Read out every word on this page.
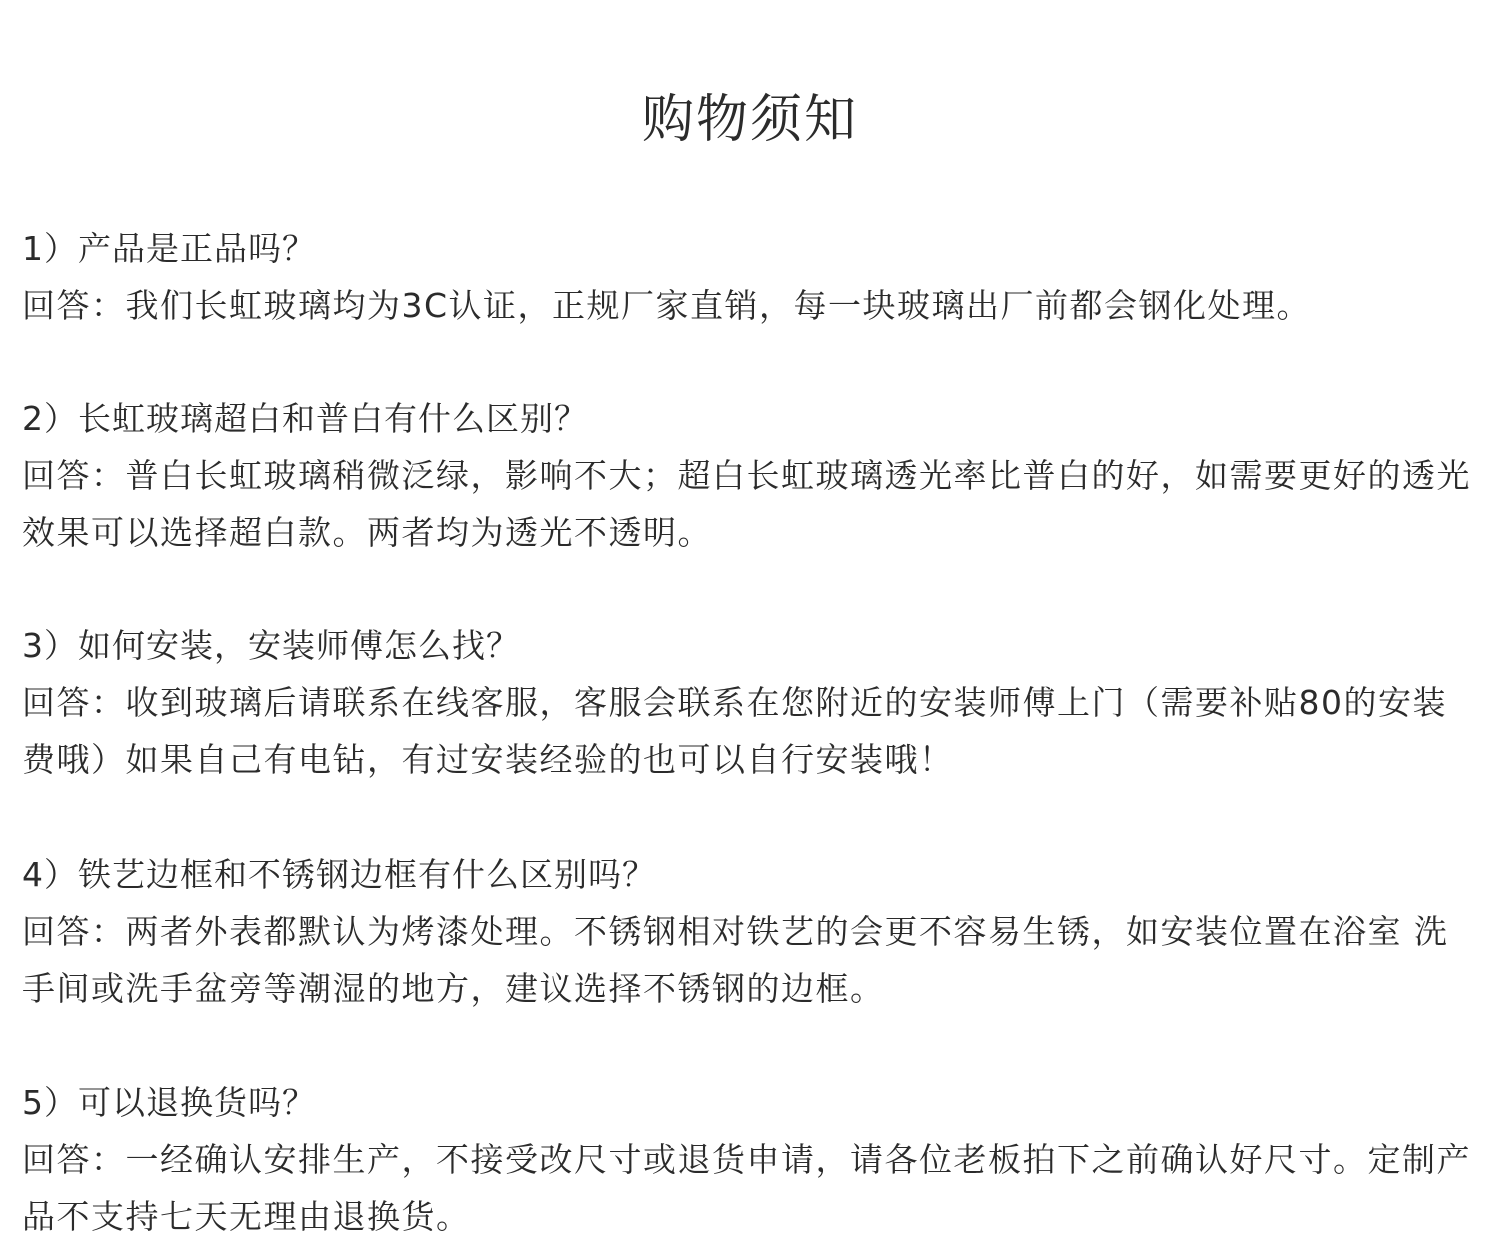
购物须知
1）产品是正品吗？
回答：我们长虹玻璃均为3C认证，正规厂家直销，每一块玻璃出厂前都会钢化处理。
2）长虹玻璃超白和普白有什么区别？
回答：普白长虹玻璃稍微泛绿，影响不大；超白长虹玻璃透光率比普白的好，如需要更好的透光效果可以选择超白款。两者均为透光不透明。
3）如何安装，安装师傅怎么找？
回答：收到玻璃后请联系在线客服，客服会联系在您附近的安装师傅上门（需要补贴80的安装费哦）如果自己有电钻，有过安装经验的也可以自行安装哦！
4）铁艺边框和不锈钢边框有什么区别吗？
回答：两者外表都默认为烤漆处理。不锈钢相对铁艺的会更不容易生锈，如安装位置在浴室 洗手间或洗手盆旁等潮湿的地方，建议选择不锈钢的边框。
5）可以退换货吗？
回答：一经确认安排生产，不接受改尺寸或退货申请，请各位老板拍下之前确认好尺寸。定制产品不支持七天无理由退换货。
